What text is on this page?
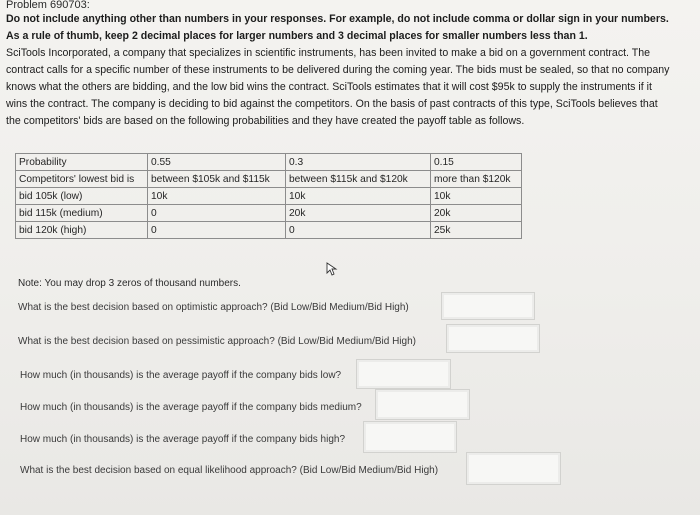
Problem 690703:

Do not include anything other than numbers in your responses. For example, do not include comma or dollar sign in your numbers. As a rule of thumb, keep 2 decimal places for larger numbers and 3 decimal places for smaller numbers less than 1.

SciTools Incorporated, a company that specializes in scientific instruments, has been invited to make a bid on a government contract. The contract calls for a specific number of these instruments to be delivered during the coming year. The bids must be sealed, so that no company knows what the others are bidding, and the low bid wins the contract. SciTools estimates that it will cost $95k to supply the instruments if it wins the contract. The company is deciding to bid against the competitors. On the basis of past contracts of this type, SciTools believes that the competitors' bids are based on the following probabilities and they have created the payoff table as follows.

Probability	0.55	0.3	0.15
Competitors' lowest bid is	between $105k and $115k	between $115k and $120k	more than $120k
bid 105k (low)	10k	10k	10k
bid 115k (medium)	0	20k	20k
bid 120k (high)	0	0	25k
Note: You may drop 3 zeros of thousand numbers.
What is the best decision based on optimistic approach? (Bid Low/Bid Medium/Bid High)
What is the best decision based on pessimistic approach? (Bid Low/Bid Medium/Bid High)
How much (in thousands) is the average payoff if the company bids low?
How much (in thousands) is the average payoff if the company bids medium?
How much (in thousands) is the average payoff if the company bids high?
What is the best decision based on equal likelihood approach? (Bid Low/Bid Medium/Bid High)
